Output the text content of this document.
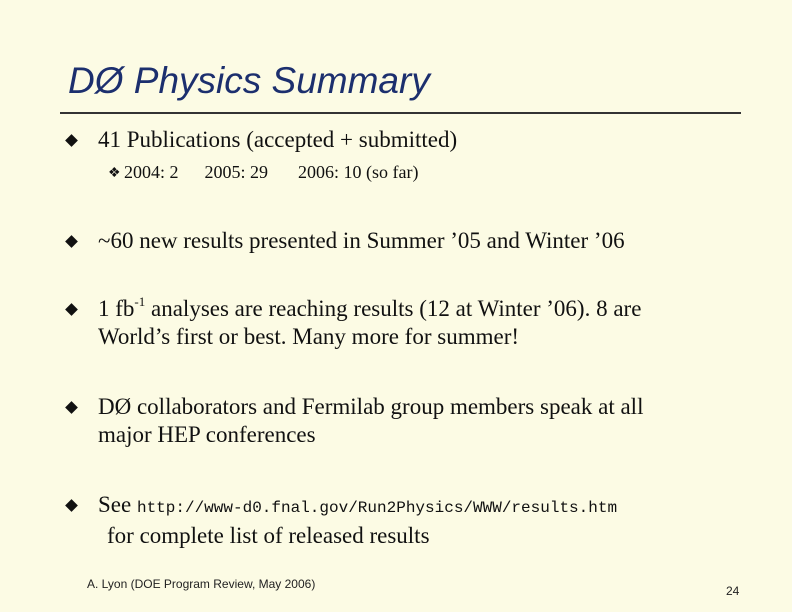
DØ Physics Summary
41 Publications (accepted + submitted)
❖ 2004: 2 2005: 29 2006: 10 (so far)
~60 new results presented in Summer ’05 and Winter ’06
1 $fb^{-1}$ analyses are reaching results (12 at Winter ’06). 8 are
World’s first or best. Many more for summer!
DØ collaborators and Fermilab group members speak at all
major HEP conferences
See http://www-d0.fnal.gov/Run2Physics/WWW/results.htm
for complete list of released results
A. Lyon (DOE Program Review, May 2006)	24
